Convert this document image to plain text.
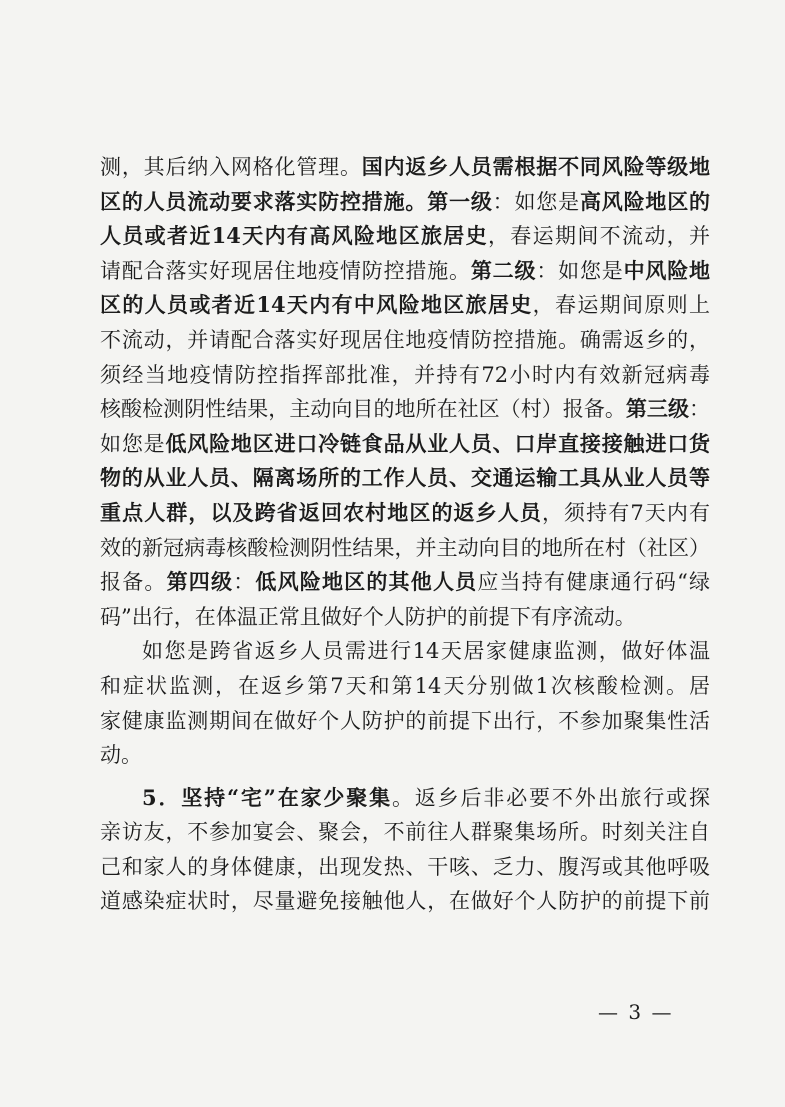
测，其后纳入网格化管理。国内返乡人员需根据不同风险等级地
区的人员流动要求落实防控措施。第一级：如您是高风险地区的
人员或者近14天内有高风险地区旅居史，春运期间不流动，并
请配合落实好现居住地疫情防控措施。第二级：如您是中风险地
区的人员或者近14天内有中风险地区旅居史，春运期间原则上
不流动，并请配合落实好现居住地疫情防控措施。确需返乡的，
须经当地疫情防控指挥部批准，并持有72小时内有效新冠病毒
核酸检测阴性结果，主动向目的地所在社区（村）报备。第三级：
如您是低风险地区进口冷链食品从业人员、口岸直接接触进口货
物的从业人员、隔离场所的工作人员、交通运输工具从业人员等
重点人群，以及跨省返回农村地区的返乡人员，须持有7天内有
效的新冠病毒核酸检测阴性结果，并主动向目的地所在村（社区）
报备。第四级：低风险地区的其他人员应当持有健康通行码“绿
码”出行，在体温正常且做好个人防护的前提下有序流动。
如您是跨省返乡人员需进行14天居家健康监测，做好体温
和症状监测，在返乡第7天和第14天分别做1次核酸检测。居
家健康监测期间在做好个人防护的前提下出行，不参加聚集性活
动。
5．坚持“宅”在家少聚集。返乡后非必要不外出旅行或探
亲访友，不参加宴会、聚会，不前往人群聚集场所。时刻关注自
己和家人的身体健康，出现发热、干咳、乏力、腹泻或其他呼吸
道感染症状时，尽量避免接触他人，在做好个人防护的前提下前
— 3 —
